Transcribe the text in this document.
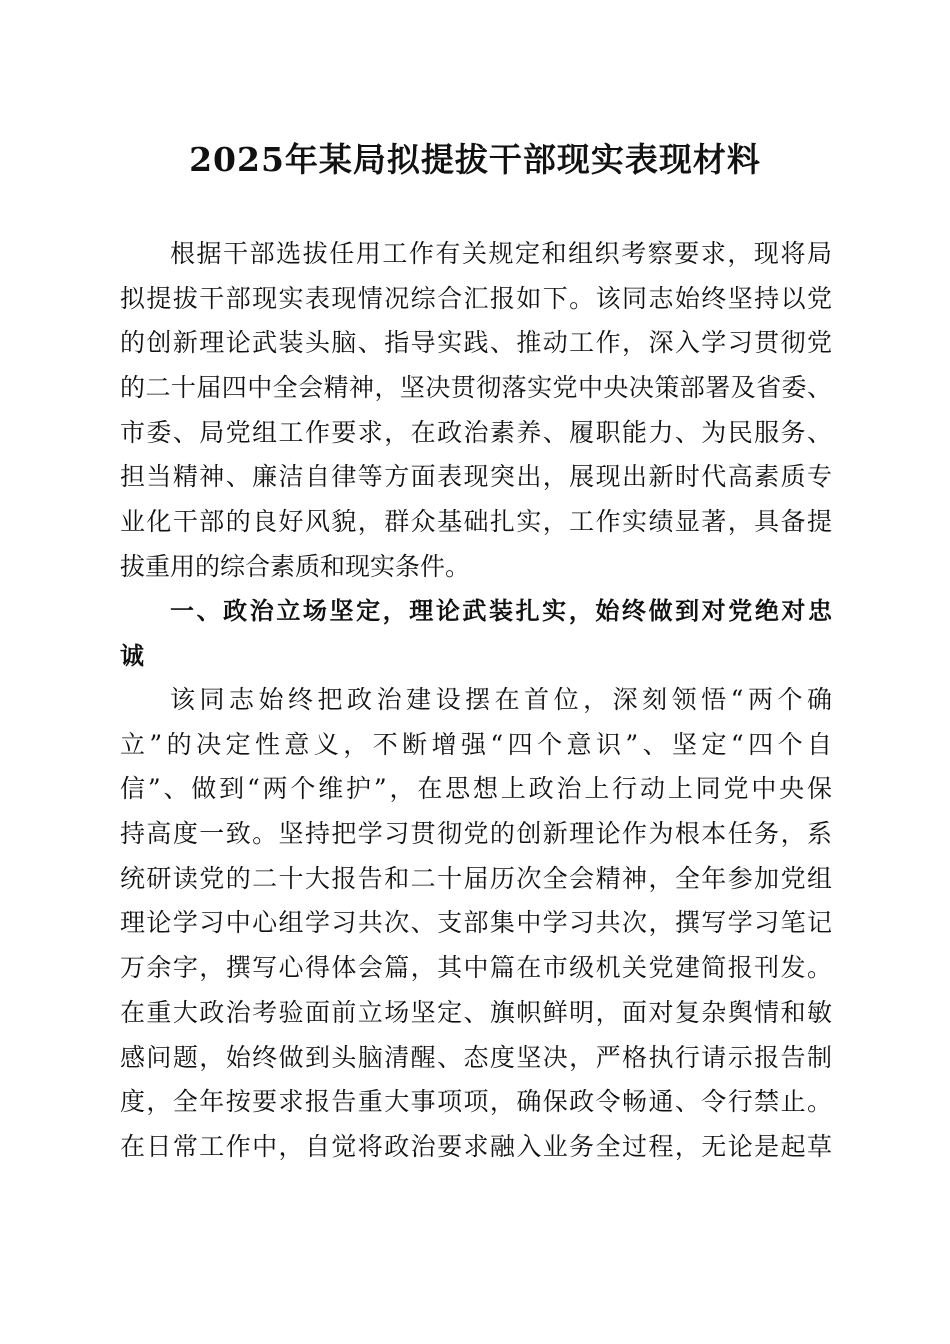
2025年某局拟提拔干部现实表现材料
根据干部选拔任用工作有关规定和组织考察要求，现将局
拟提拔干部现实表现情况综合汇报如下。该同志始终坚持以党
的创新理论武装头脑、指导实践、推动工作，深入学习贯彻党
的二十届四中全会精神，坚决贯彻落实党中央决策部署及省委、
市委、局党组工作要求，在政治素养、履职能力、为民服务、
担当精神、廉洁自律等方面表现突出，展现出新时代高素质专
业化干部的良好风貌，群众基础扎实，工作实绩显著，具备提
拔重用的综合素质和现实条件。
一、政治立场坚定，理论武装扎实，始终做到对党绝对忠
诚
该同志始终把政治建设摆在首位，深刻领悟“两个确
立”的决定性意义，不断增强“四个意识”、坚定“四个自
信”、做到“两个维护”，在思想上政治上行动上同党中央保
持高度一致。坚持把学习贯彻党的创新理论作为根本任务，系
统研读党的二十大报告和二十届历次全会精神，全年参加党组
理论学习中心组学习共次、支部集中学习共次，撰写学习笔记
万余字，撰写心得体会篇，其中篇在市级机关党建简报刊发。
在重大政治考验面前立场坚定、旗帜鲜明，面对复杂舆情和敏
感问题，始终做到头脑清醒、态度坚决，严格执行请示报告制
度，全年按要求报告重大事项项，确保政令畅通、令行禁止。
在日常工作中，自觉将政治要求融入业务全过程，无论是起草
